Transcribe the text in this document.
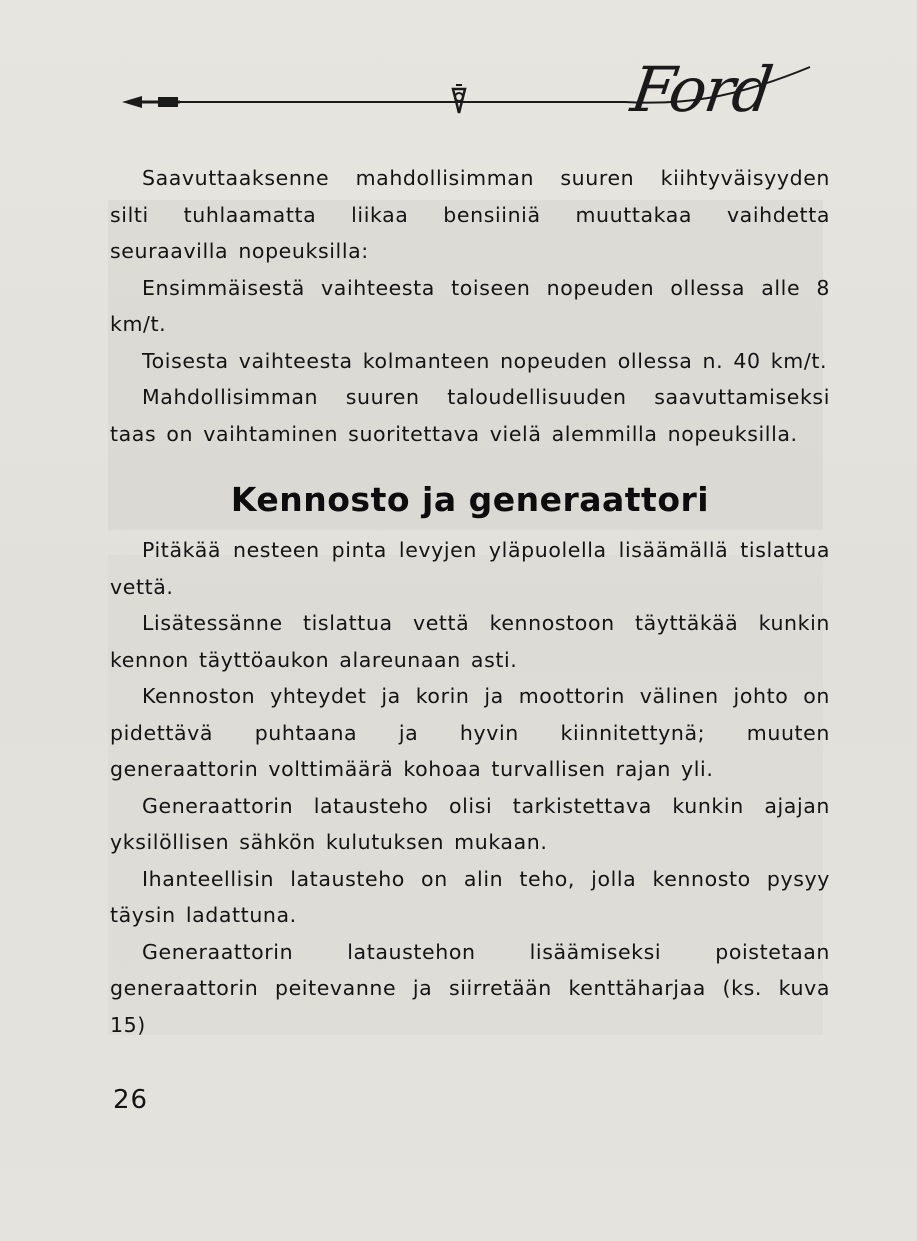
Ford

Saavuttaaksenne mahdollisimman suuren kiihtyväisyyden silti tuhlaamatta liikaa bensiiniä muuttakaa vaihdetta seuraavilla nopeuksilla:

Ensimmäisestä vaihteesta toiseen nopeuden ollessa alle 8 km/t.

Toisesta vaihteesta kolmanteen nopeuden ollessa n. 40 km/t.

Mahdollisimman suuren taloudellisuuden saavuttamiseksi taas on vaihtaminen suoritettava vielä alemmilla nopeuksilla.

Kennosto ja generaattori

Pitäkää nesteen pinta levyjen yläpuolella lisäämällä tislattua vettä.

Lisätessänne tislattua vettä kennostoon täyttäkää kunkin kennon täyttöaukon alareunaan asti.

Kennoston yhteydet ja korin ja moottorin välinen johto on pidettävä puhtaana ja hyvin kiinnitettynä; muuten generaattorin volttimäärä kohoaa turvallisen rajan yli.

Generaattorin latausteho olisi tarkistettava kunkin ajajan yksilöllisen sähkön kulutuksen mukaan.

Ihanteellisin latausteho on alin teho, jolla kennosto pysyy täysin ladattuna.

Generaattorin lataustehon lisäämiseksi poistetaan generaattorin peitevanne ja siirretään kenttäharjaa (ks. kuva 15)

26
